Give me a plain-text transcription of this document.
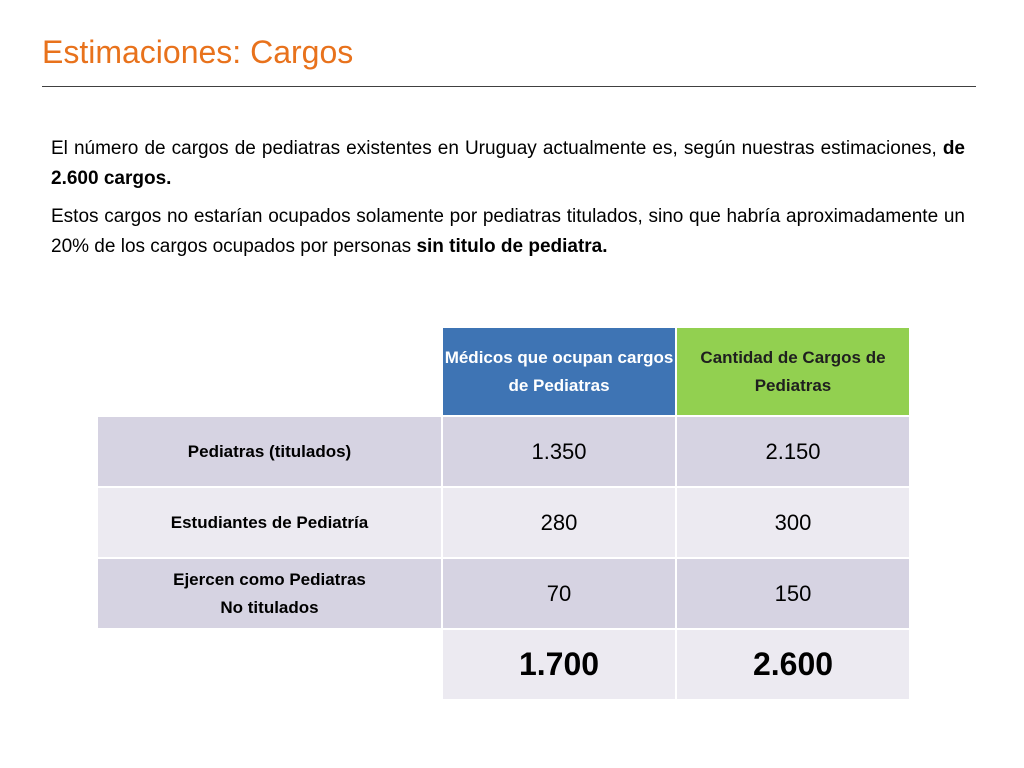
Estimaciones: Cargos

El número de cargos de pediatras existentes en Uruguay actualmente es, según nuestras estimaciones, de 2.600 cargos.

Estos cargos no estarían ocupados solamente por pediatras titulados, sino que habría aproximadamente un 20% de los cargos ocupados por personas sin titulo de pediatra.

	Médicos que ocupan cargos de Pediatras	Cantidad de Cargos de Pediatras
Pediatras (titulados)	1.350	2.150
Estudiantes de Pediatría	280	300

Ejercen como Pediatras
No titulados	70	150
	1.700	2.600
